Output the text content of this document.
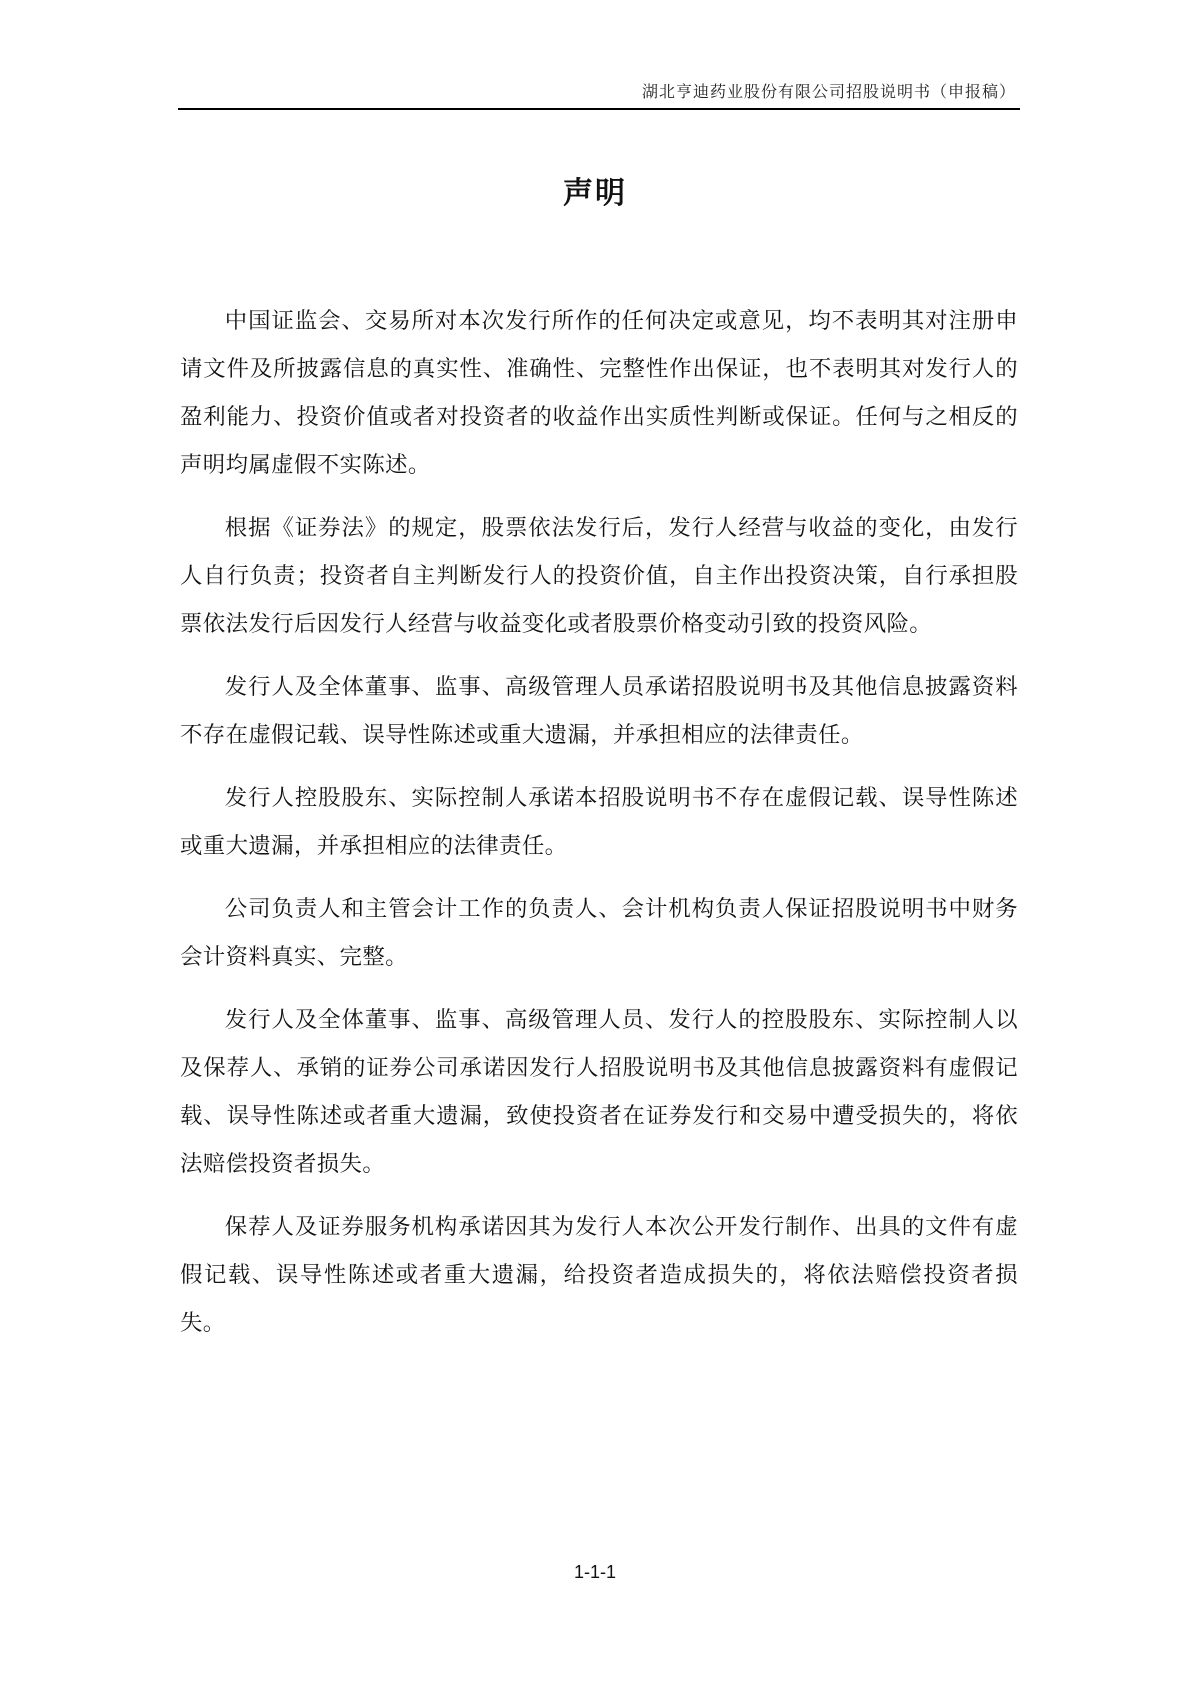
湖北亨迪药业股份有限公司招股说明书（申报稿）
声明

中国证监会、交易所对本次发行所作的任何决定或意见，均不表明其对注册申请文件及所披露信息的真实性、准确性、完整性作出保证，也不表明其对发行人的盈利能力、投资价值或者对投资者的收益作出实质性判断或保证。任何与之相反的声明均属虚假不实陈述。

根据《证券法》的规定，股票依法发行后，发行人经营与收益的变化，由发行人自行负责；投资者自主判断发行人的投资价值，自主作出投资决策，自行承担股票依法发行后因发行人经营与收益变化或者股票价格变动引致的投资风险。

发行人及全体董事、监事、高级管理人员承诺招股说明书及其他信息披露资料不存在虚假记载、误导性陈述或重大遗漏，并承担相应的法律责任。

发行人控股股东、实际控制人承诺本招股说明书不存在虚假记载、误导性陈述或重大遗漏，并承担相应的法律责任。

公司负责人和主管会计工作的负责人、会计机构负责人保证招股说明书中财务会计资料真实、完整。

发行人及全体董事、监事、高级管理人员、发行人的控股股东、实际控制人以及保荐人、承销的证券公司承诺因发行人招股说明书及其他信息披露资料有虚假记载、误导性陈述或者重大遗漏，致使投资者在证券发行和交易中遭受损失的，将依法赔偿投资者损失。

保荐人及证券服务机构承诺因其为发行人本次公开发行制作、出具的文件有虚假记载、误导性陈述或者重大遗漏，给投资者造成损失的，将依法赔偿投资者损失。

1-1-1
